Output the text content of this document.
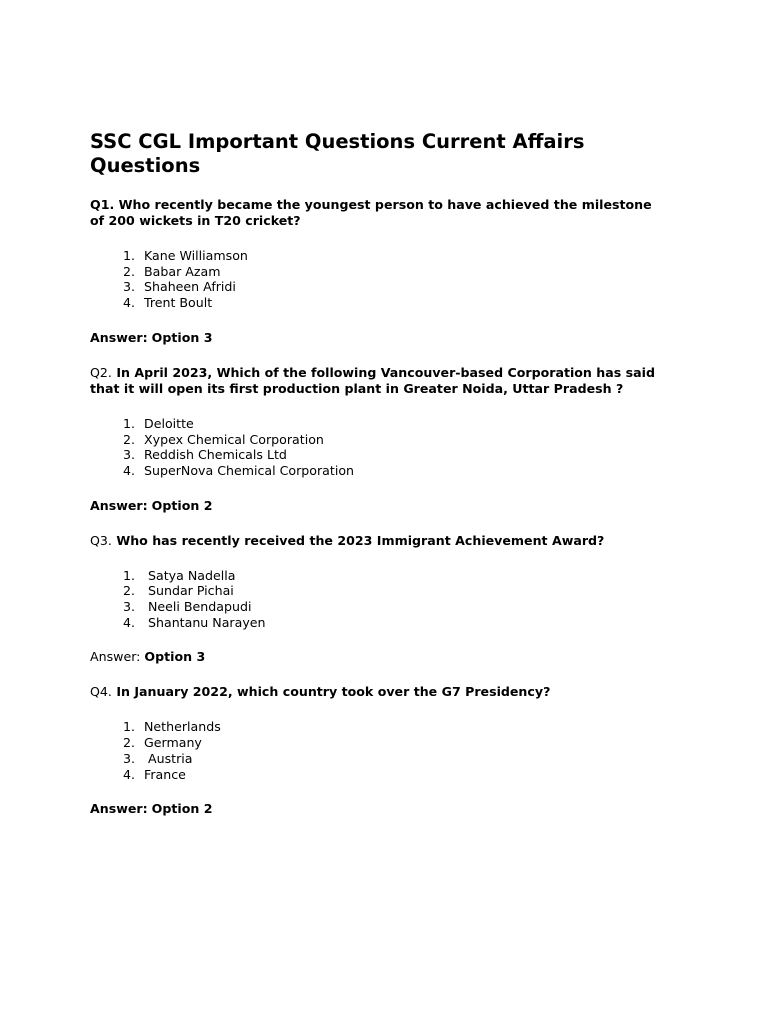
SSC CGL Important Questions Current Affairs Questions

Q1. Who recently became the youngest person to have achieved the milestone of 200 wickets in T20 cricket?

1. Kane Williamson
2. Babar Azam
3. Shaheen Afridi
4. Trent Boult

Answer: Option 3

Q2. In April 2023, Which of the following Vancouver-based Corporation has said that it will open its first production plant in Greater Noida, Uttar Pradesh ?

1. Deloitte
2. Xypex Chemical Corporation
3. Reddish Chemicals Ltd
4. SuperNova Chemical Corporation

Answer: Option 2

Q3. Who has recently received the 2023 Immigrant Achievement Award?

1.	Satya Nadella
2.	Sundar Pichai
3.	Neeli Bendapudi
4.	Shantanu Narayen

Answer: Option 3

Q4. In January 2022, which country took over the G7 Presidency?

1. Netherlands
2. Germany
3.	Austria
4. France

Answer: Option 2
